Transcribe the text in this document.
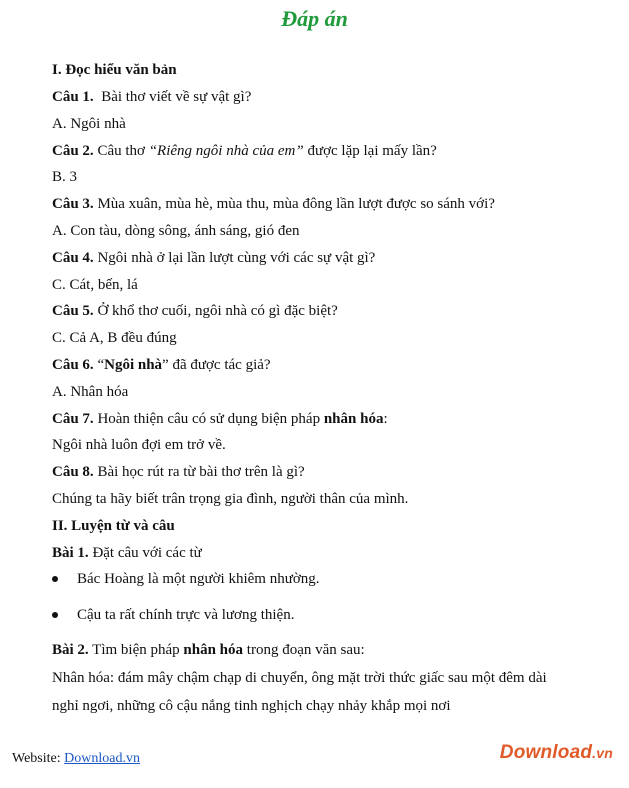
Đáp án
I. Đọc hiểu văn bản
Câu 1. Bài thơ viết về sự vật gì?
A. Ngôi nhà
Câu 2. Câu thơ “Riêng ngôi nhà của em” được lặp lại mấy lần?
B. 3
Câu 3. Mùa xuân, mùa hè, mùa thu, mùa đông lần lượt được so sánh với?
A. Con tàu, dòng sông, ánh sáng, gió đen
Câu 4. Ngôi nhà ở lại lần lượt cùng với các sự vật gì?
C. Cát, bến, lá
Câu 5. Ở khổ thơ cuối, ngôi nhà có gì đặc biệt?
C. Cả A, B đều đúng
Câu 6. “Ngôi nhà” đã được tác giả?
A. Nhân hóa
Câu 7. Hoàn thiện câu có sử dụng biện pháp nhân hóa:
Ngôi nhà luôn đợi em trở về.
Câu 8. Bài học rút ra từ bài thơ trên là gì?
Chúng ta hãy biết trân trọng gia đình, người thân của mình.
II. Luyện từ và câu
Bài 1. Đặt câu với các từ
Bác Hoàng là một người khiêm nhường.
Cậu ta rất chính trực và lương thiện.
Bài 2. Tìm biện pháp nhân hóa trong đoạn văn sau:
Nhân hóa: đám mây chậm chạp di chuyển, ông mặt trời thức giấc sau một đêm dài
nghỉ ngơi, những cô cậu nắng tinh nghịch chạy nhảy khắp mọi nơi
Website: Download.vn	Download.vn
